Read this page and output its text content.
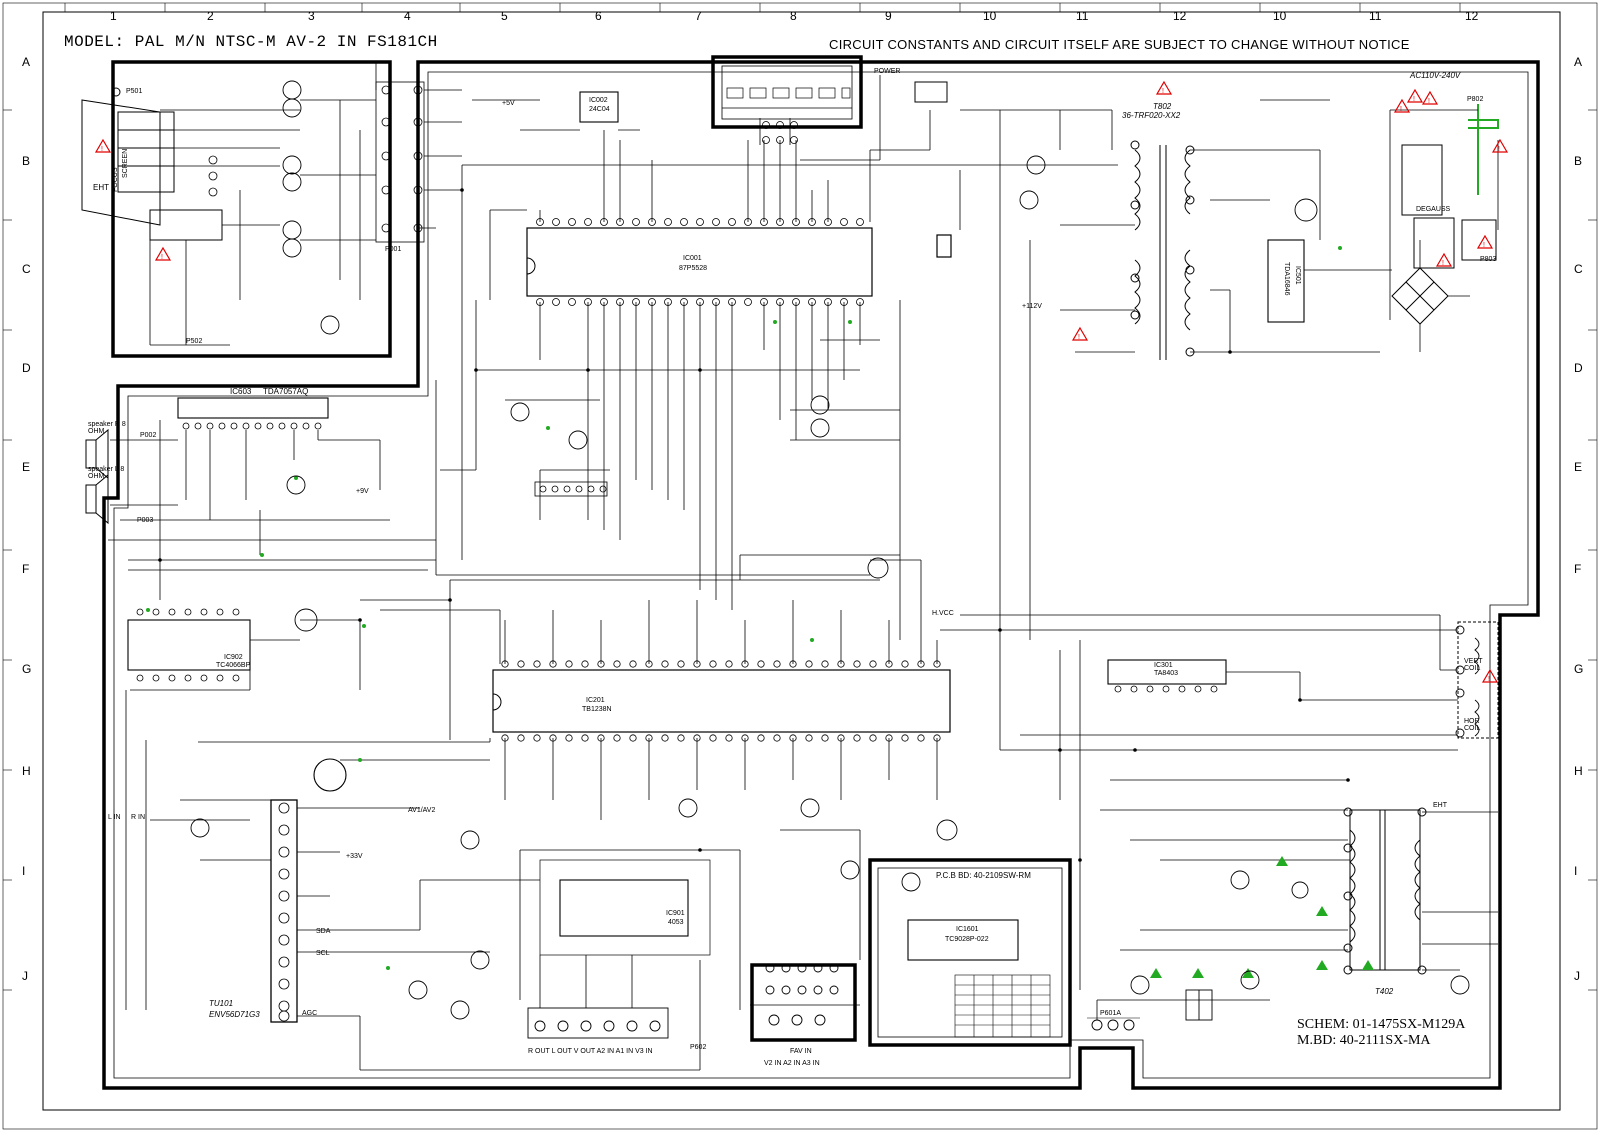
!
!
!
!
! !
!
!
!
!
!
MODEL: PAL M/N NTSC-M AV-2 IN FS181CH	CIRCUIT CONSTANTS AND CIRCUIT ITSELF ARE SUBJECT TO CHANGE WITHOUT NOTICE
1	2	3	4	5	6	7	8	9	10	11	12	10	11	12
A
B
C
D
E
F
G
H
I
J
A
B
C
D
E
F
G
H
I
J
IC001
87P5528
IC002
24C04
IC603 TDA7057AQ
IC902
TC4066BP
IC201
TB1238N
IC301
TA8403
IC901
4053
TDA16846 IC501
IC1601
TC9028P-022
P501
P502
P001
P002
P003
P802
P803
P601A
P602
EHT
SCREEN
FOCUS
speaker R 8 OHM
speaker L 8 OHM
POWER	AC110V-240V
T802
36-TRF020-XX2
T402
TU101
ENV56D71G3
P.C.B BD: 40-2109SW-RM
AV1/AV2
FAV IN
VERT COIL
HOR COIL
EHT
L IN R IN
SDA
SCL
AGC
DEGAUSS
R OUT L OUT V OUT A2 IN A1 IN V3 IN
V2 IN A2 IN A3 IN
+5V
+9V
+33V
+112V
H.VCC
SCHEM: 01-1475SX-M129A
M.BD: 40-2111SX-MA
